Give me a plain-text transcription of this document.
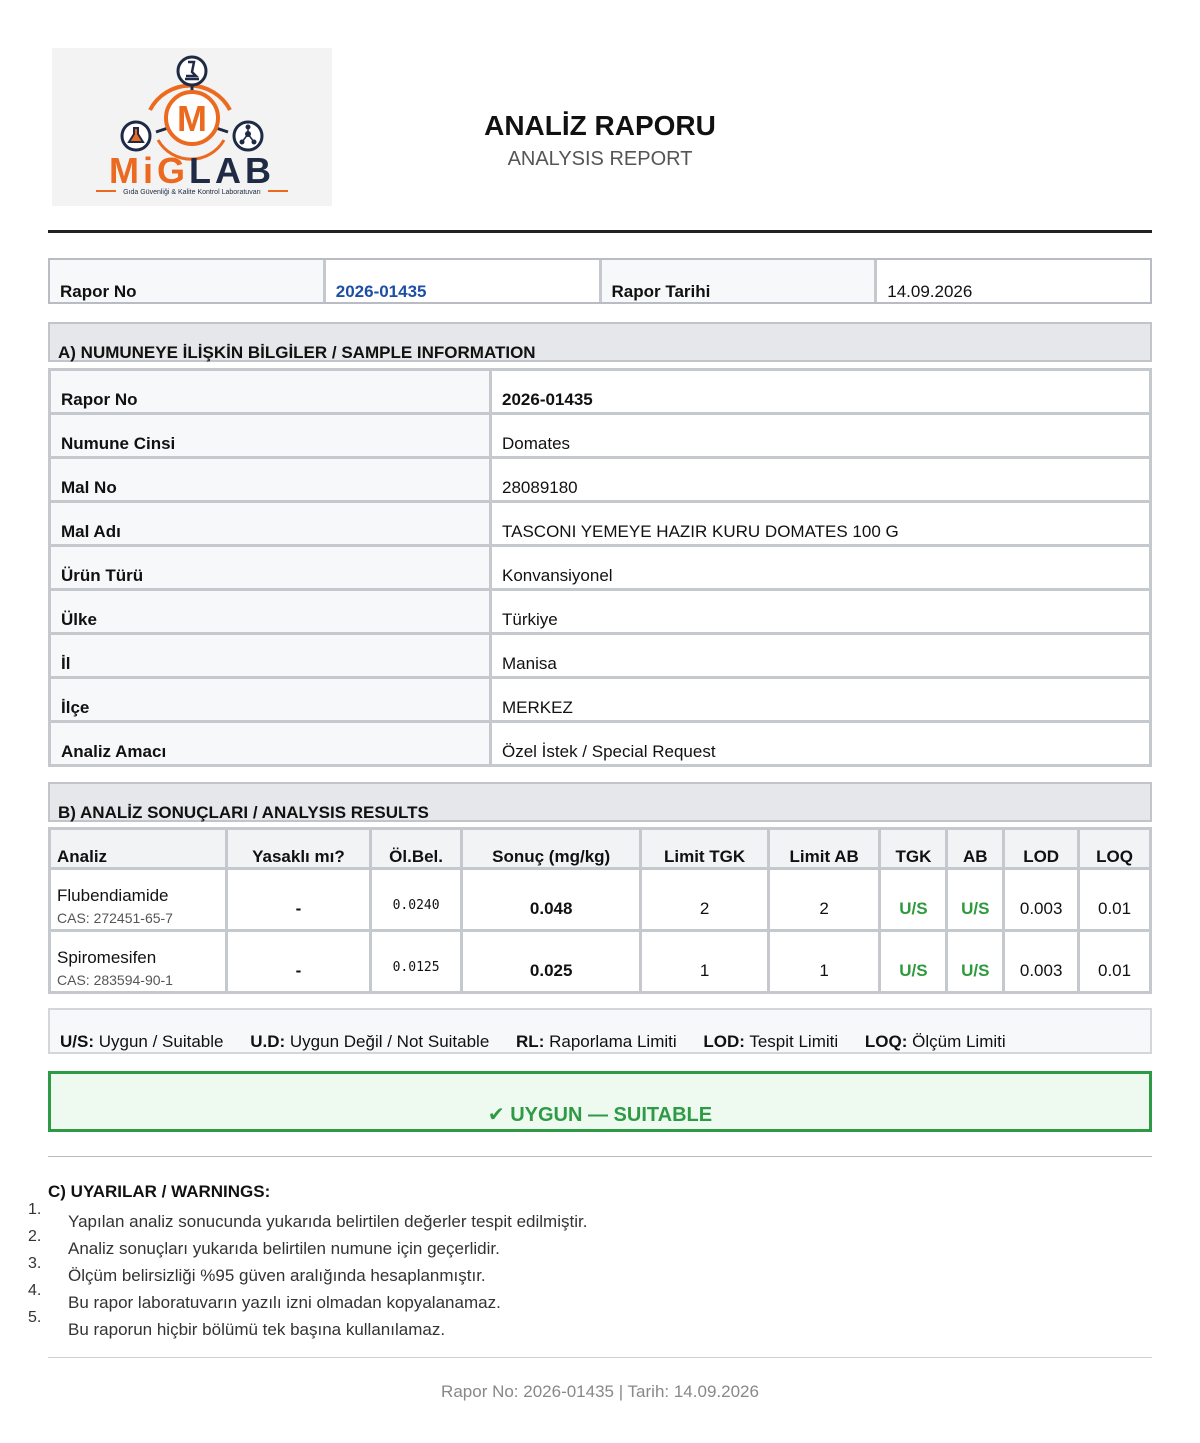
M
MiGLAB
Gıda Güvenliği & Kalite Kontrol Laboratuvarı
ANALİZ RAPORU
ANALYSIS REPORT
Rapor No	2026-01435	Rapor Tarihi	14.09.2026
A) NUMUNEYE İLİŞKİN BİLGİLER / SAMPLE INFORMATION
Rapor No	2026-01435
Numune Cinsi	Domates
Mal No	28089180
Mal Adı	TASCONI YEMEYE HAZIR KURU DOMATES 100 G
Ürün Türü	Konvansiyonel
Ülke	Türkiye
İl	Manisa
İlçe	MERKEZ
Analiz Amacı	Özel İstek / Special Request
B) ANALİZ SONUÇLARI / ANALYSIS RESULTS
Analiz	Yasaklı mı?	Öl.Bel.	Sonuç (mg/kg)	Limit TGK	Limit AB	TGK	AB	LOD	LOQ

Flubendiamide
CAS: 272451-65-7	-	0.0240	0.048	2	2	U/S	U/S	0.003	0.01

Spiromesifen
CAS: 283594-90-1	-	0.0125	0.025	1	1	U/S	U/S	0.003	0.01
U/S: Uygun / Suitable U.D: Uygun Değil / Not Suitable RL: Raporlama Limiti LOD: Tespit Limiti LOQ: Ölçüm Limiti
✔ UYGUN — SUITABLE
C) UYARILAR / WARNINGS:
1.
Yapılan analiz sonucunda yukarıda belirtilen değerler tespit edilmiştir.
2.
Analiz sonuçları yukarıda belirtilen numune için geçerlidir.
3.
Ölçüm belirsizliği %95 güven aralığında hesaplanmıştır.
4.
Bu rapor laboratuvarın yazılı izni olmadan kopyalanamaz.
5.
Bu raporun hiçbir bölümü tek başına kullanılamaz.
Rapor No: 2026-01435 | Tarih: 14.09.2026
